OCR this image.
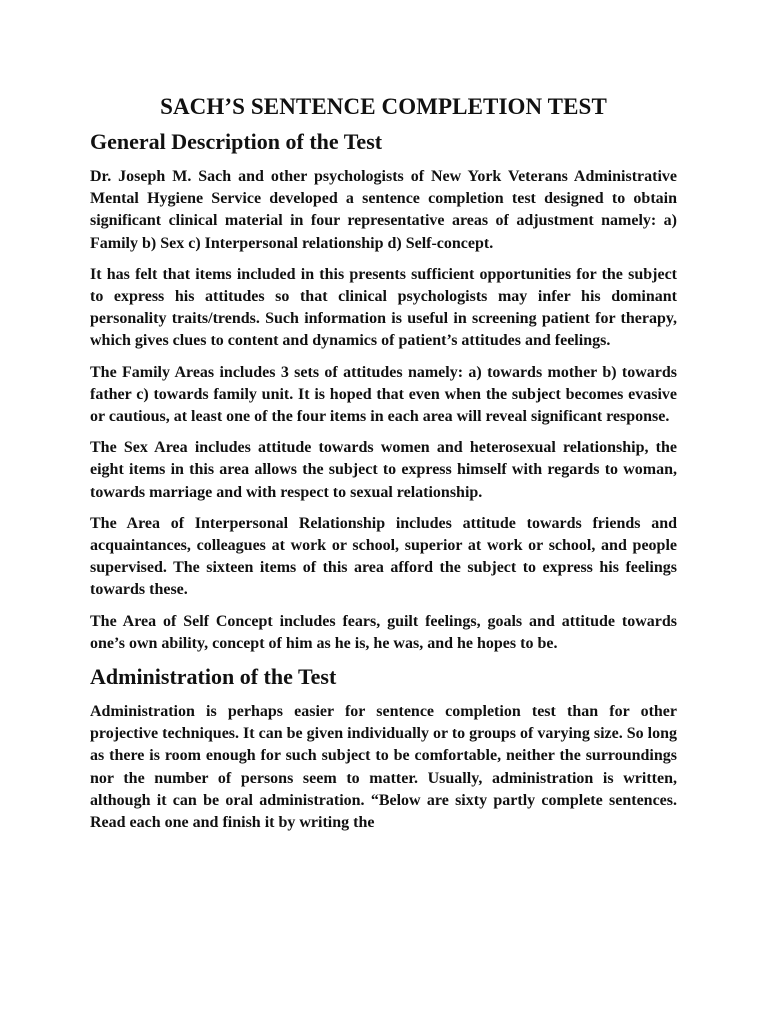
SACH’S SENTENCE COMPLETION TEST
General Description of the Test

Dr. Joseph M. Sach and other psychologists of New York Veterans Administrative Mental Hygiene Service developed a sentence completion test designed to obtain significant clinical material in four representative areas of adjustment namely: a) Family b) Sex c) Interpersonal relationship d) Self-concept.

It has felt that items included in this presents sufficient opportunities for the subject to express his attitudes so that clinical psychologists may infer his dominant personality traits/trends. Such information is useful in screening patient for therapy, which gives clues to content and dynamics of patient’s attitudes and feelings.

The Family Areas includes 3 sets of attitudes namely: a) towards mother b) towards father c) towards family unit. It is hoped that even when the subject becomes evasive or cautious, at least one of the four items in each area will reveal significant response.

The Sex Area includes attitude towards women and heterosexual relationship, the eight items in this area allows the subject to express himself with regards to woman, towards marriage and with respect to sexual relationship.

The Area of Interpersonal Relationship includes attitude towards friends and acquaintances, colleagues at work or school, superior at work or school, and people supervised. The sixteen items of this area afford the subject to express his feelings towards these.

The Area of Self Concept includes fears, guilt feelings, goals and attitude towards one’s own ability, concept of him as he is, he was, and he hopes to be.

Administration of the Test

Administration is perhaps easier for sentence completion test than for other projective techniques. It can be given individually or to groups of varying size. So long as there is room enough for such subject to be comfortable, neither the surroundings nor the number of persons seem to matter. Usually, administration is written, although it can be oral administration. “Below are sixty partly complete sentences. Read each one and finish it by writing the
